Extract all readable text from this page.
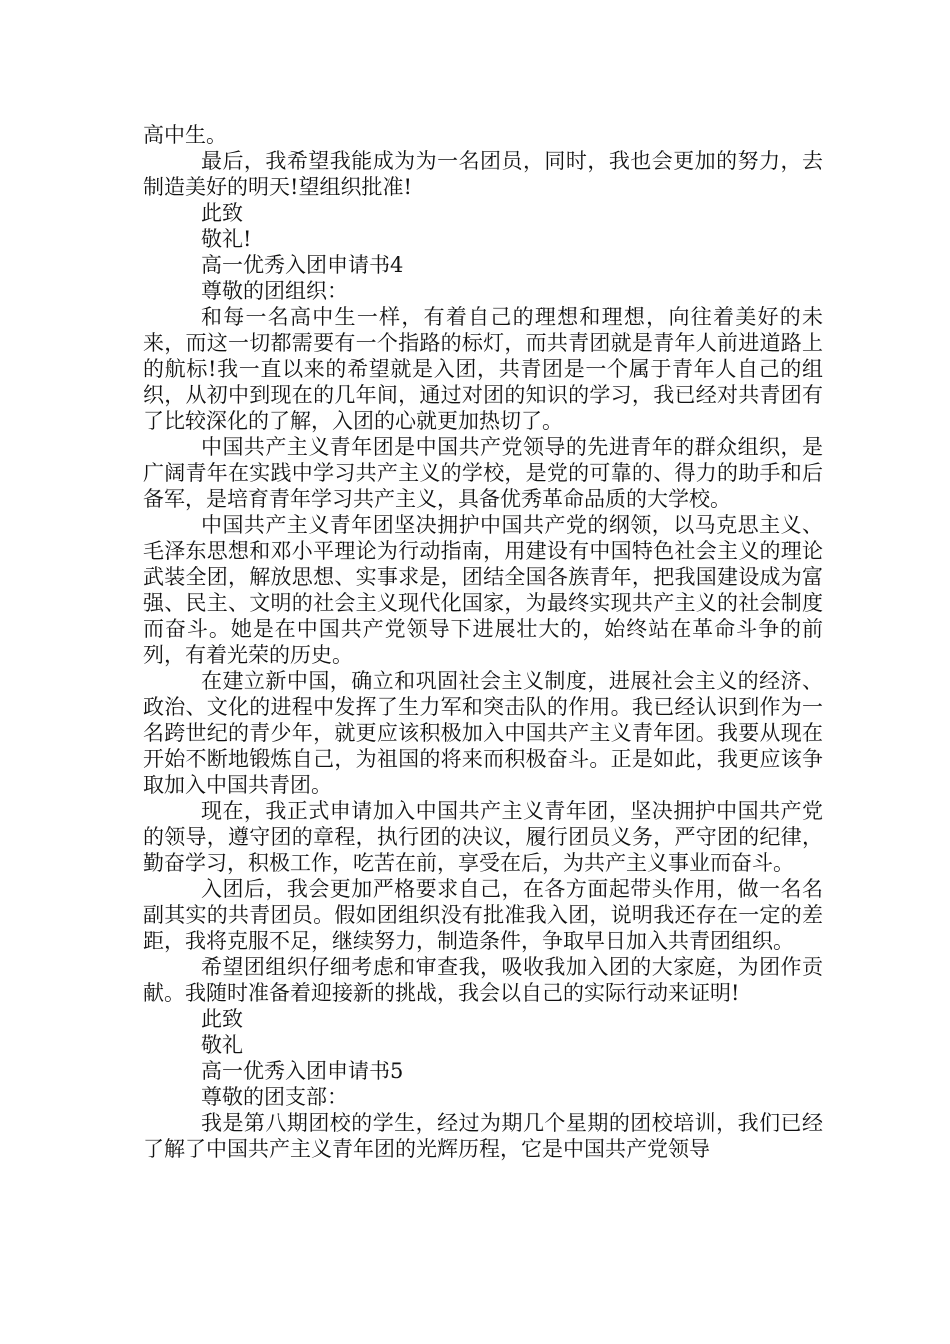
高中生。

最后，我希望我能成为为一名团员，同时，我也会更加的努力，去制造美好的明天!望组织批准!

此致

敬礼!

高一优秀入团申请书4

尊敬的团组织：

和每一名高中生一样，有着自己的理想和理想，向往着美好的未来，而这一切都需要有一个指路的标灯，而共青团就是青年人前进道路上的航标!我一直以来的希望就是入团，共青团是一个属于青年人自己的组织，从初中到现在的几年间，通过对团的知识的学习，我已经对共青团有了比较深化的了解，入团的心就更加热切了。

中国共产主义青年团是中国共产党领导的先进青年的群众组织，是广阔青年在实践中学习共产主义的学校，是党的可靠的、得力的助手和后备军，是培育青年学习共产主义，具备优秀革命品质的大学校。

中国共产主义青年团坚决拥护中国共产党的纲领，以马克思主义、毛泽东思想和邓小平理论为行动指南，用建设有中国特色社会主义的理论武装全团，解放思想、实事求是，团结全国各族青年，把我国建设成为富强、民主、文明的社会主义现代化国家，为最终实现共产主义的社会制度而奋斗。她是在中国共产党领导下进展壮大的，始终站在革命斗争的前列，有着光荣的历史。

在建立新中国，确立和巩固社会主义制度，进展社会主义的经济、政治、文化的进程中发挥了生力军和突击队的作用。我已经认识到作为一名跨世纪的青少年，就更应该积极加入中国共产主义青年团。我要从现在开始不断地锻炼自己，为祖国的将来而积极奋斗。正是如此，我更应该争取加入中国共青团。

现在，我正式申请加入中国共产主义青年团，坚决拥护中国共产党的领导，遵守团的章程，执行团的决议，履行团员义务，严守团的纪律，勤奋学习，积极工作，吃苦在前，享受在后，为共产主义事业而奋斗。

入团后，我会更加严格要求自己，在各方面起带头作用，做一名名副其实的共青团员。假如团组织没有批准我入团，说明我还存在一定的差距，我将克服不足，继续努力，制造条件，争取早日加入共青团组织。

希望团组织仔细考虑和审查我，吸收我加入团的大家庭，为团作贡献。我随时准备着迎接新的挑战，我会以自己的实际行动来证明!

此致

敬礼

高一优秀入团申请书5

尊敬的团支部：

我是第八期团校的学生，经过为期几个星期的团校培训，我们已经了解了中国共产主义青年团的光辉历程，它是中国共产党领导
